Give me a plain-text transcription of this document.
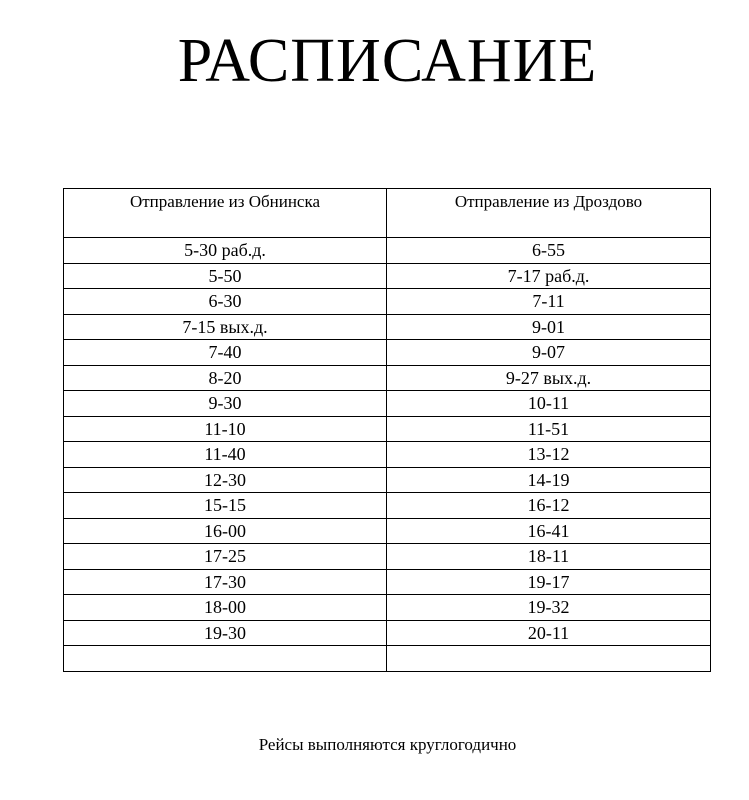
РАСПИСАНИЕ
Отправление из Обнинска	Отправление из Дроздово
5-30 раб.д.	6-55
5-50	7-17 раб.д.
6-30	7-11
7-15 вых.д.	9-01
7-40	9-07
8-20	9-27 вых.д.
9-30	10-11
11-10	11-51
11-40	13-12
12-30	14-19
15-15	16-12
16-00	16-41
17-25	18-11
17-30	19-17
18-00	19-32
19-30	20-11

Рейсы выполняются круглогодично
